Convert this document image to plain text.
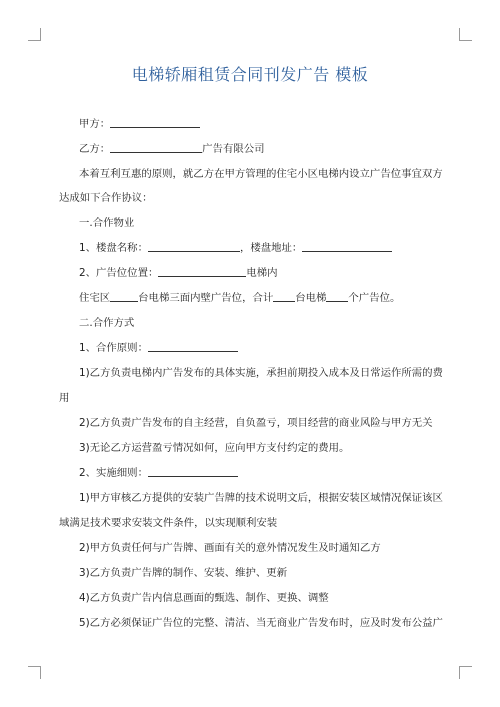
电梯轿厢租赁合同刊发广告 模板
甲方：
乙方：	广告有限公司
本着互利互惠的原则，就乙方在甲方管理的住宅小区电梯内设立广告位事宜双方
达成如下合作协议：
一.合作物业
1、楼盘名称：	，楼盘地址：
2、广告位位置：	电梯内
住宅区	台电梯三面内壁广告位，合计 台电梯 个广告位。
二.合作方式
1、合作原则：
1)乙方负责电梯内广告发布的具体实施，承担前期投入成本及日常运作所需的费
用
2)乙方负责广告发布的自主经营，自负盈亏，项目经营的商业风险与甲方无关
3)无论乙方运营盈亏情况如何，应向甲方支付约定的费用。
2、实施细则：
1)甲方审核乙方提供的安装广告牌的技术说明文后，根据安装区域情况保证该区
域满足技术要求安装文件条件，以实现顺利安装
2)甲方负责任何与广告牌、画面有关的意外情况发生及时通知乙方
3)乙方负责广告牌的制作、安装、维护、更新
4)乙方负责广告内信息画面的甄选、制作、更换、调整
5)乙方必须保证广告位的完整、清洁、当无商业广告发布时，应及时发布公益广
